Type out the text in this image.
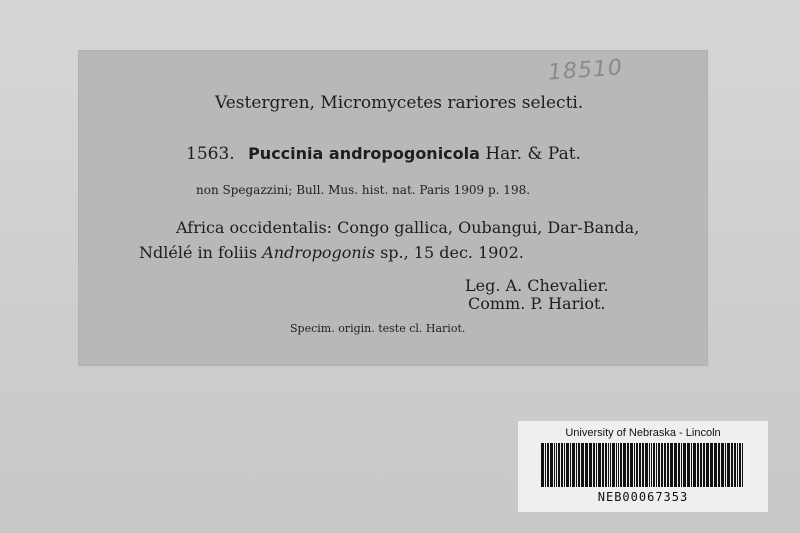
18510
Vestergren, Micromycetes rariores selecti.
1563. Puccinia andropogonicola Har. & Pat.
non Spegazzini; Bull. Mus. hist. nat. Paris 1909 p. 198.
Africa occidentalis: Congo gallica, Oubangui, Dar-Banda,
Ndlélé in foliis Andropogonis sp., 15 dec. 1902.
Leg. A. Chevalier.
Comm. P. Hariot.
Specim. origin. teste cl. Hariot.
University of Nebraska - Lincoln
NEB00067353
